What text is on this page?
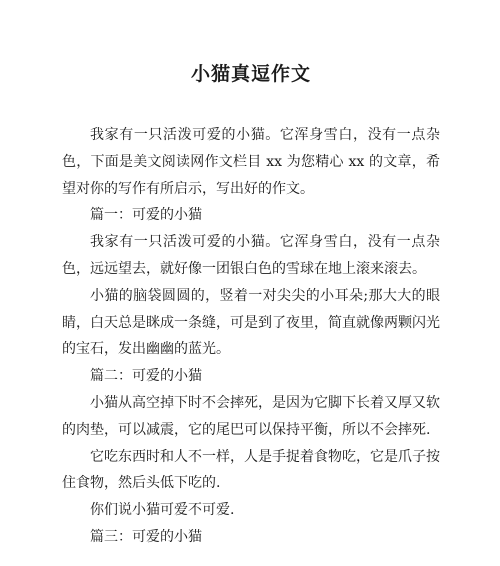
小猫真逗作文

我家有一只活泼可爱的小猫。它浑身雪白，没有一点杂色，下面是美文阅读网作文栏目 xx 为您精心 xx 的文章，希望对你的写作有所启示，写出好的作文。

篇一：可爱的小猫

我家有一只活泼可爱的小猫。它浑身雪白，没有一点杂色，远远望去，就好像一团银白色的雪球在地上滚来滚去。

小猫的脑袋圆圆的，竖着一对尖尖的小耳朵;那大大的眼睛，白天总是眯成一条缝，可是到了夜里，简直就像两颗闪光的宝石，发出幽幽的蓝光。

篇二：可爱的小猫

小猫从高空掉下时不会摔死，是因为它脚下长着又厚又软的肉垫，可以减震，它的尾巴可以保持平衡，所以不会摔死.

它吃东西时和人不一样，人是手捉着食物吃，它是爪子按住食物，然后头低下吃的.

你们说小猫可爱不可爱.

篇三：可爱的小猫
